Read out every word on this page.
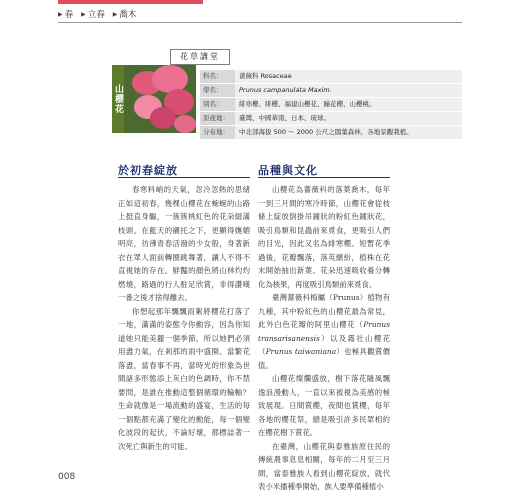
▶ 春 ▶ 立春 ▶ 喬木
花草講堂
山櫻花
科名：	薔薇科 Rosaceae
學名：	Prunus campanulata Maxim.
別名：	緋寒櫻、緋櫻、福建山櫻花、鐘花櫻、山櫻桃。
原產地：	臺灣、中國華南、日本、琉球。
分布地：	中北部海拔 500 ～ 2000 公尺之闊葉森林，各地景觀栽植。
於初春綻放	品種與文化

春寒料峭的天氣，忽冷忽熱的思緒正如這初春，幾棵山櫻花在蜿蜒的山路上挺直身驅，一簇簇桃紅色的花朵綴滿枝頭。在藍天的襯托之下，更顯得嫵媚明亮，彷彿青春活潑的少女般，身著新衣在眾人面前轉圈跳舞著，讓人不得不直視她的存在。鮮豔的顏色將山林灼灼燃燒，路過的行人駐足欣賞，非得讚嘆一番之後才捨得離去。

你想起那年飄飄雨絮將櫻花打落了一地，滿滿的姿態令你動容，因為你知道她只能美麗一個季節，所以她們必須用盡力氣，在剎那的雨中盛開。當繁花落盡，當春事不再，當時光的形象為世間諸多形態添上灰白的色調時，你不禁要問，是誰在推動這整個循環的輪軸？生命就像是一場流動的盛宴，生活的每一個點都充滿了變化的動能，每一個變化波段的起伏，不論好壞，都標誌著一次死亡與新生的可能。

山櫻花為薔薇科的落葉喬木，每年一到三月間的寒冷時節，山櫻花會從枝條上綻放倒掛吊鐘狀的粉紅色鐘狀花，吸引鳥類和昆蟲前來覓食，更吸引人們的目光，因此又名為緋寒櫻。短暫花季過後，花瓣飄落，落英繽紛，植株在花末開始抽出新葉。花朵迅速吸收養分轉化為核果，再度吸引鳥類前來覓食。

臺灣薔薇科梅屬（Prunus）植物有九種，其中粉紅色的山櫻花最為常見，此外白色花瓣的阿里山櫻花（Prunus transarisanensis）以及霧社山櫻花（Prunus taiwaniana）也極具觀賞價值。

山櫻花燦爛盛放，樹下落花隨風飄逸浪漫動人，一直以來被視為美感的極致展現。日間賞櫻，夜間也賞櫻，每年各地的櫻花祭，總是吸引許多民眾相約在櫻花樹下賞花。

在臺灣，山櫻花與泰雅族原住民的傳統農事息息相關，每年的二月至三月間，當泰雅族人看到山櫻花綻放，就代表小米播種季開始，族人要準備種植小

008
